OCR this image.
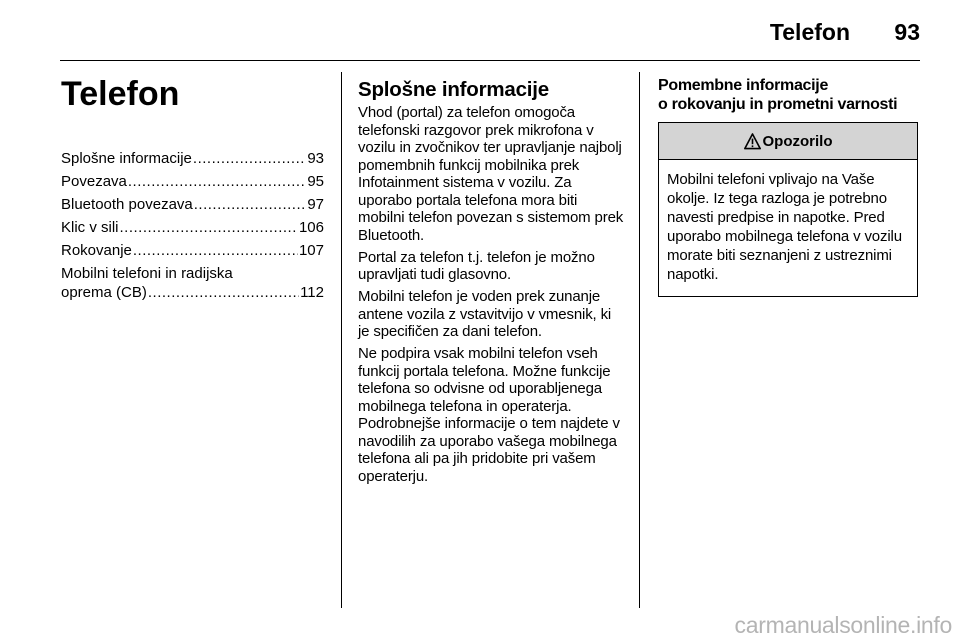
Telefon	93
Telefon
Splošne informacije .....	93
Povezava .....	95
Bluetooth povezava .....	97
Klic v sili .....	106
Rokovanje .....	107
Mobilni telefoni in radijska
oprema (CB) .....	112
Splošne informacije

Vhod (portal) za telefon omogoča telefonski razgovor prek mikrofona v vozilu in zvočnikov ter upravljanje najbolj pomembnih funkcij mobilnika prek Infotainment sistema v vozilu. Za uporabo portala telefona mora biti mobilni telefon povezan s sistemom prek Bluetooth.

Portal za telefon t.j. telefon je možno upravljati tudi glasovno.

Mobilni telefon je voden prek zunanje antene vozila z vstavitvijo v vmesnik, ki je specifičen za dani telefon.

Ne podpira vsak mobilni telefon vseh funkcij portala telefona. Možne funkcije telefona so odvisne od uporabljenega mobilnega telefona in operaterja. Podrobnejše informacije o tem najdete v navodilih za uporabo vašega mobilnega telefona ali pa jih pridobite pri vašem operaterju.

Pomembne informacije
o rokovanju in prometni varnosti
Opozorilo
Mobilni telefoni vplivajo na Vaše okolje. Iz tega razloga je potrebno navesti predpise in napotke. Pred uporabo mobilnega telefona v vozilu morate biti seznanjeni z ustreznimi napotki.
carmanualsonline.info
